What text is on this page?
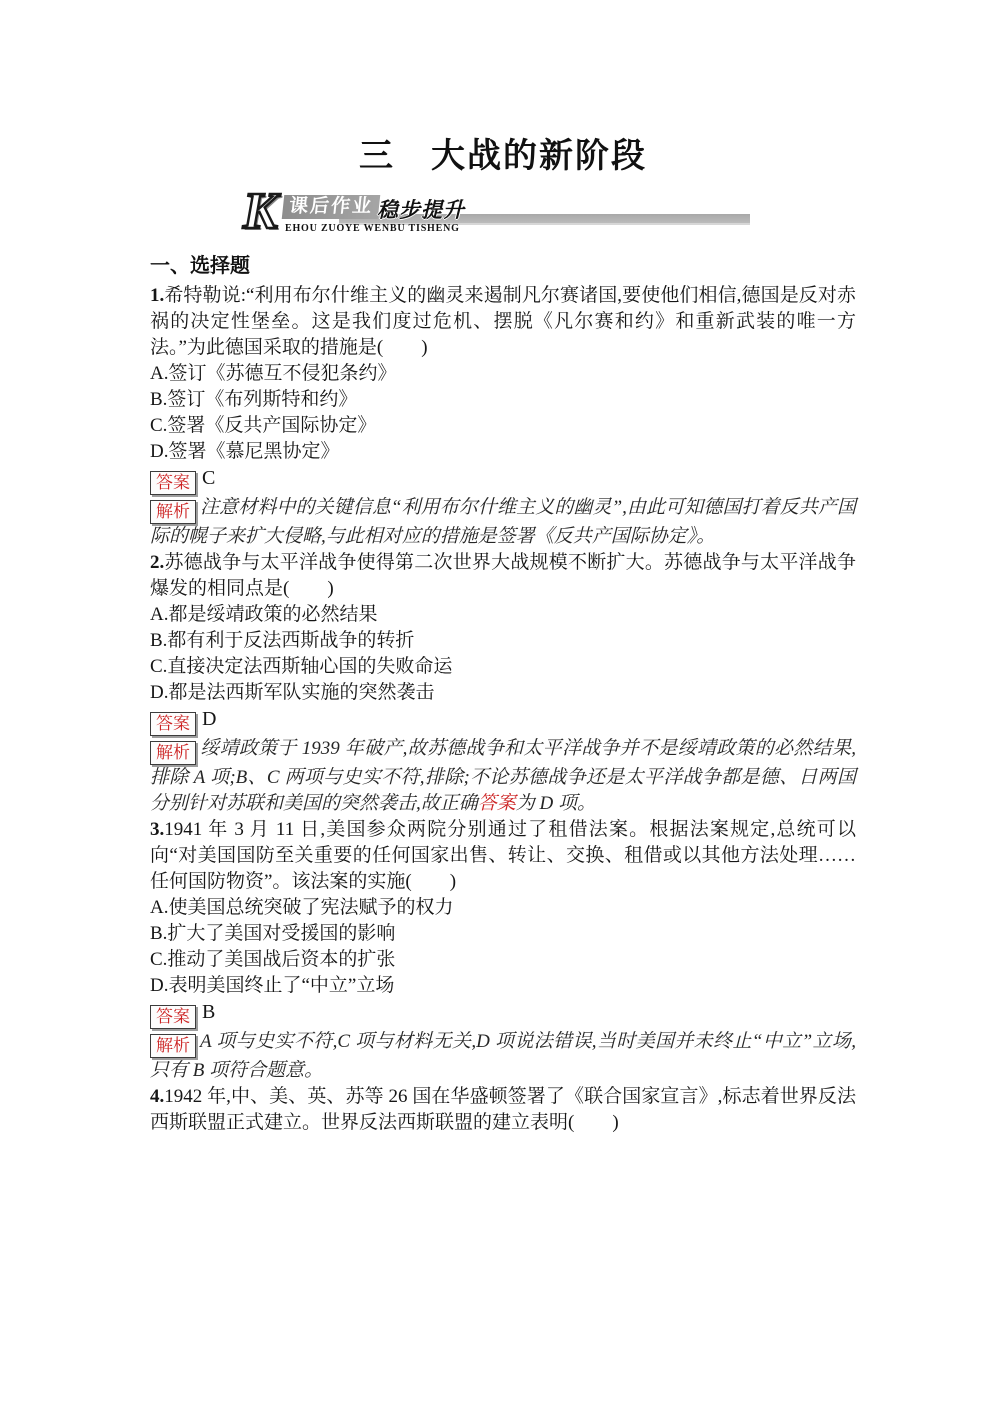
三　大战的新阶段
K 课后作业 稳步提升
EHOU ZUOYE WENBU TISHENG
一、选择题

1.希特勒说:“利用布尔什维主义的幽灵来遏制凡尔赛诸国,要使他们相信,德国是反对赤祸的决定性堡垒。这是我们度过危机、摆脱《凡尔赛和约》和重新武装的唯一方法。”为此德国采取的措施是(　　)

A.签订《苏德互不侵犯条约》

B.签订《布列斯特和约》

C.签署《反共产国际协定》

D.签署《慕尼黑协定》

答案 C

解析 注意材料中的关键信息“利用布尔什维主义的幽灵”,由此可知德国打着反共产国际的幌子来扩大侵略,与此相对应的措施是签署《反共产国际协定》。

2.苏德战争与太平洋战争使得第二次世界大战规模不断扩大。苏德战争与太平洋战争爆发的相同点是(　　)

A.都是绥靖政策的必然结果

B.都有利于反法西斯战争的转折

C.直接决定法西斯轴心国的失败命运

D.都是法西斯军队实施的突然袭击

答案 D

解析 绥靖政策于 1939 年破产,故苏德战争和太平洋战争并不是绥靖政策的必然结果,排除 A 项;B、C 两项与史实不符,排除;不论苏德战争还是太平洋战争都是德、日两国分别针对苏联和美国的突然袭击,故正确答案为 D 项。

3.1941 年 3 月 11 日,美国参众两院分别通过了租借法案。根据法案规定,总统可以向“对美国国防至关重要的任何国家出售、转让、交换、租借或以其他方法处理……任何国防物资”。该法案的实施(　　)

A.使美国总统突破了宪法赋予的权力

B.扩大了美国对受援国的影响

C.推动了美国战后资本的扩张

D.表明美国终止了“中立”立场

答案 B

解析 A 项与史实不符,C 项与材料无关,D 项说法错误,当时美国并未终止“中立”立场,只有 B 项符合题意。

4.1942 年,中、美、英、苏等 26 国在华盛顿签署了《联合国家宣言》,标志着世界反法西斯联盟正式建立。世界反法西斯联盟的建立表明(　　)
